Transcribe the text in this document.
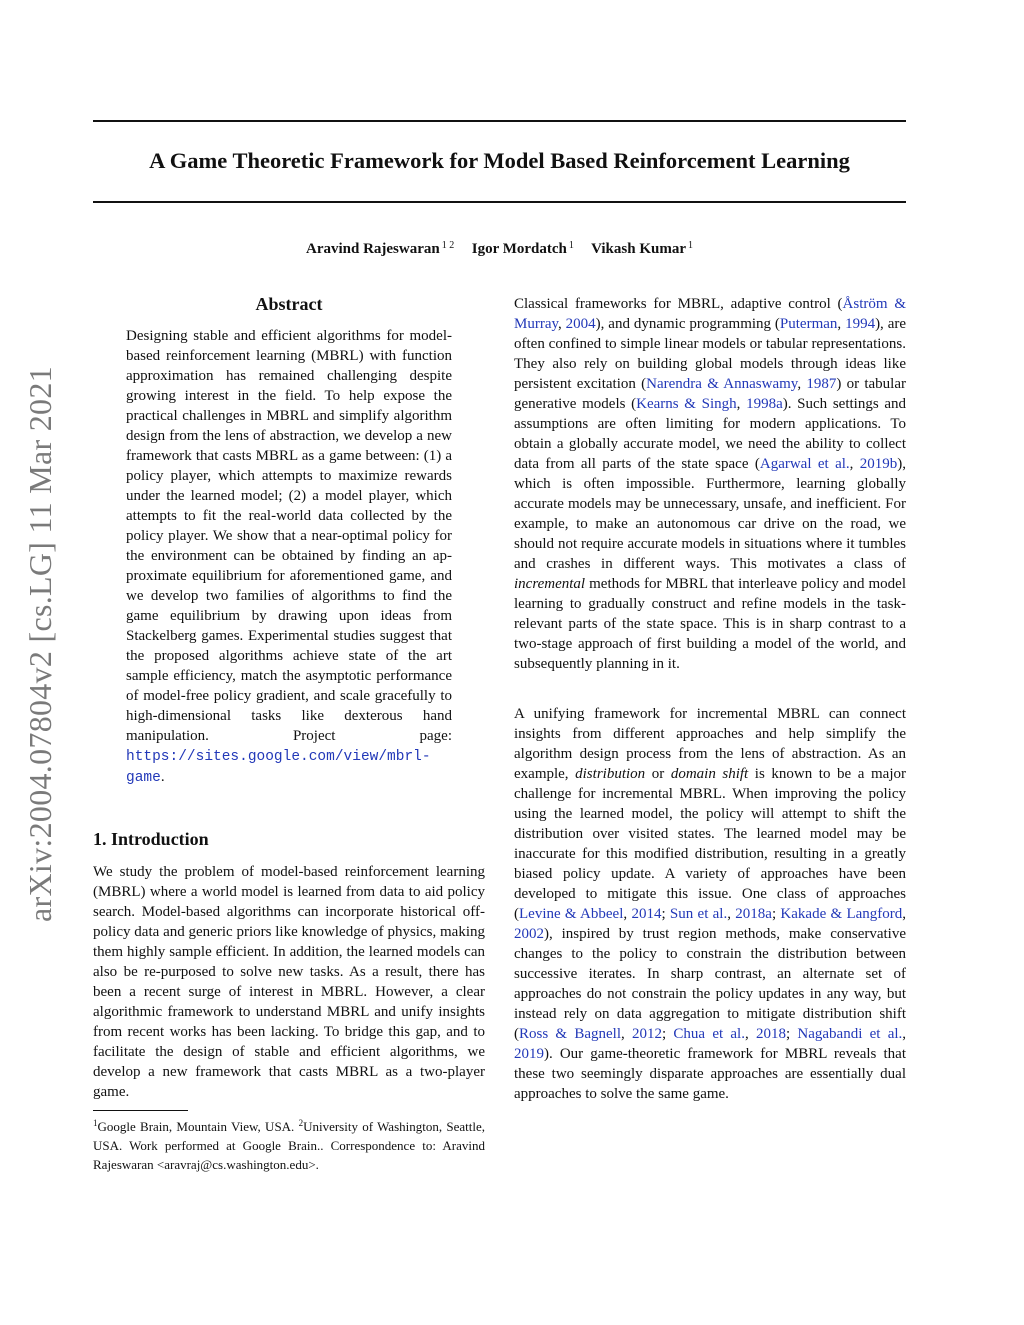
arXiv:2004.07804v2 [cs.LG] 11 Mar 2021
A Game Theoretic Framework for Model Based Reinforcement Learning
Aravind Rajeswaran $^{1 2}$ Igor Mordatch $^1$ Vikash Kumar $^1$
Abstract

Designing stable and efficient algorithms for model-based reinforcement learning (MBRL) with function approximation has remained challenging despite growing interest in the field. To help expose the practical challenges in MBRL and simplify algorithm design from the lens of abstraction, we develop a new framework that casts MBRL as a game between: (1) a policy player, which attempts to maximize rewards under the learned model; (2) a model player, which attempts to fit the real-world data collected by the policy player. We show that a near-optimal policy for the environment can be obtained by finding an approximate equilibrium for aforementioned game, and we develop two families of algorithms to find the game equilibrium by drawing upon ideas from Stackelberg games. Experimental studies suggest that the proposed algorithms achieve state of the art sample efficiency, match the asymptotic performance of model-free policy gradient, and scale gracefully to high-dimensional tasks like dexterous hand manipulation. Project page: https://sites.google.com/view/mbrl-game.

1. Introduction

We study the problem of model-based reinforcement learning (MBRL) where a world model is learned from data to aid policy search. Model-based algorithms can incorporate historical off-policy data and generic priors like knowledge of physics, making them highly sample efficient. In addition, the learned models can also be re-purposed to solve new tasks. As a result, there has been a recent surge of interest in MBRL. However, a clear algorithmic framework to understand MBRL and unify insights from recent works has been lacking. To bridge this gap, and to facilitate the design of stable and efficient algorithms, we develop a new framework that casts MBRL as a two-player game.

$^1$Google Brain, Mountain View, USA. $^2$University of Washington, Seattle, USA. Work performed at Google Brain.. Correspondence to: Aravind Rajeswaran <aravraj@cs.washington.edu>.

Classical frameworks for MBRL, adaptive control (Åström & Murray, 2004), and dynamic programming (Puterman, 1994), are often confined to simple linear models or tabular representations. They also rely on building global models through ideas like persistent excitation (Narendra & Annaswamy, 1987) or tabular generative models (Kearns & Singh, 1998a). Such settings and assumptions are often limiting for modern applications. To obtain a globally accurate model, we need the ability to collect data from all parts of the state space (Agarwal et al., 2019b), which is often impossible. Furthermore, learning globally accurate models may be unnecessary, unsafe, and inefficient. For example, to make an autonomous car drive on the road, we should not require accurate models in situations where it tumbles and crashes in different ways. This motivates a class of incremental methods for MBRL that interleave policy and model learning to gradually construct and refine models in the task-relevant parts of the state space. This is in sharp contrast to a two-stage approach of first building a model of the world, and subsequently planning in it.

A unifying framework for incremental MBRL can connect insights from different approaches and help simplify the algorithm design process from the lens of abstraction. As an example, distribution or domain shift is known to be a major challenge for incremental MBRL. When improving the policy using the learned model, the policy will attempt to shift the distribution over visited states. The learned model may be inaccurate for this modified distribution, resulting in a greatly biased policy update. A variety of approaches have been developed to mitigate this issue. One class of approaches (Levine & Abbeel, 2014; Sun et al., 2018a; Kakade & Langford, 2002), inspired by trust region methods, make conservative changes to the policy to constrain the distribution between successive iterates. In sharp contrast, an alternate set of approaches do not constrain the policy updates in any way, but instead rely on data aggregation to mitigate distribution shift (Ross & Bagnell, 2012; Chua et al., 2018; Nagabandi et al., 2019). Our game-theoretic framework for MBRL reveals that these two seemingly disparate approaches are essentially dual approaches to solve the same game.
